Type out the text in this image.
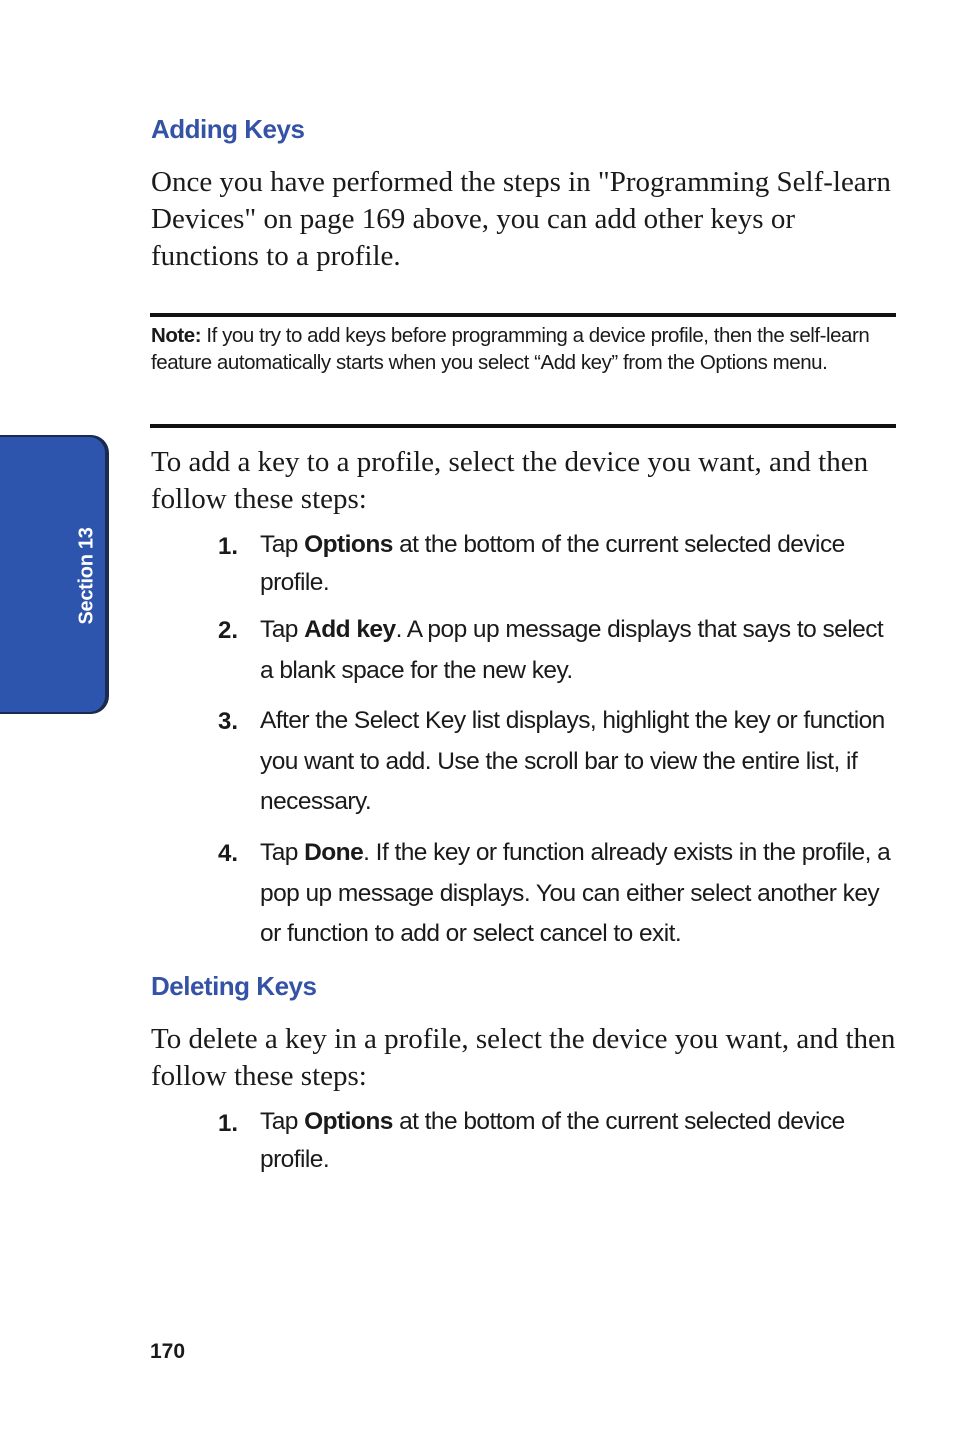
Section 13
Adding Keys
Once you have performed the steps in "Programming Self-learn Devices" on page 169 above, you can add other keys or functions to a profile.
Note: If you try to add keys before programming a device profile, then the self-learn feature automatically starts when you select “Add key” from the Options menu.
To add a key to a profile, select the device you want, and then follow these steps:
1. Tap Options at the bottom of the current selected device profile.
2. Tap Add key. A pop up message displays that says to select a blank space for the new key.
3. After the Select Key list displays, highlight the key or function you want to add. Use the scroll bar to view the entire list, if necessary.
4. Tap Done. If the key or function already exists in the profile, a pop up message displays. You can either select another key or function to add or select cancel to exit.
Deleting Keys
To delete a key in a profile, select the device you want, and then follow these steps:
1. Tap Options at the bottom of the current selected device profile.
170
